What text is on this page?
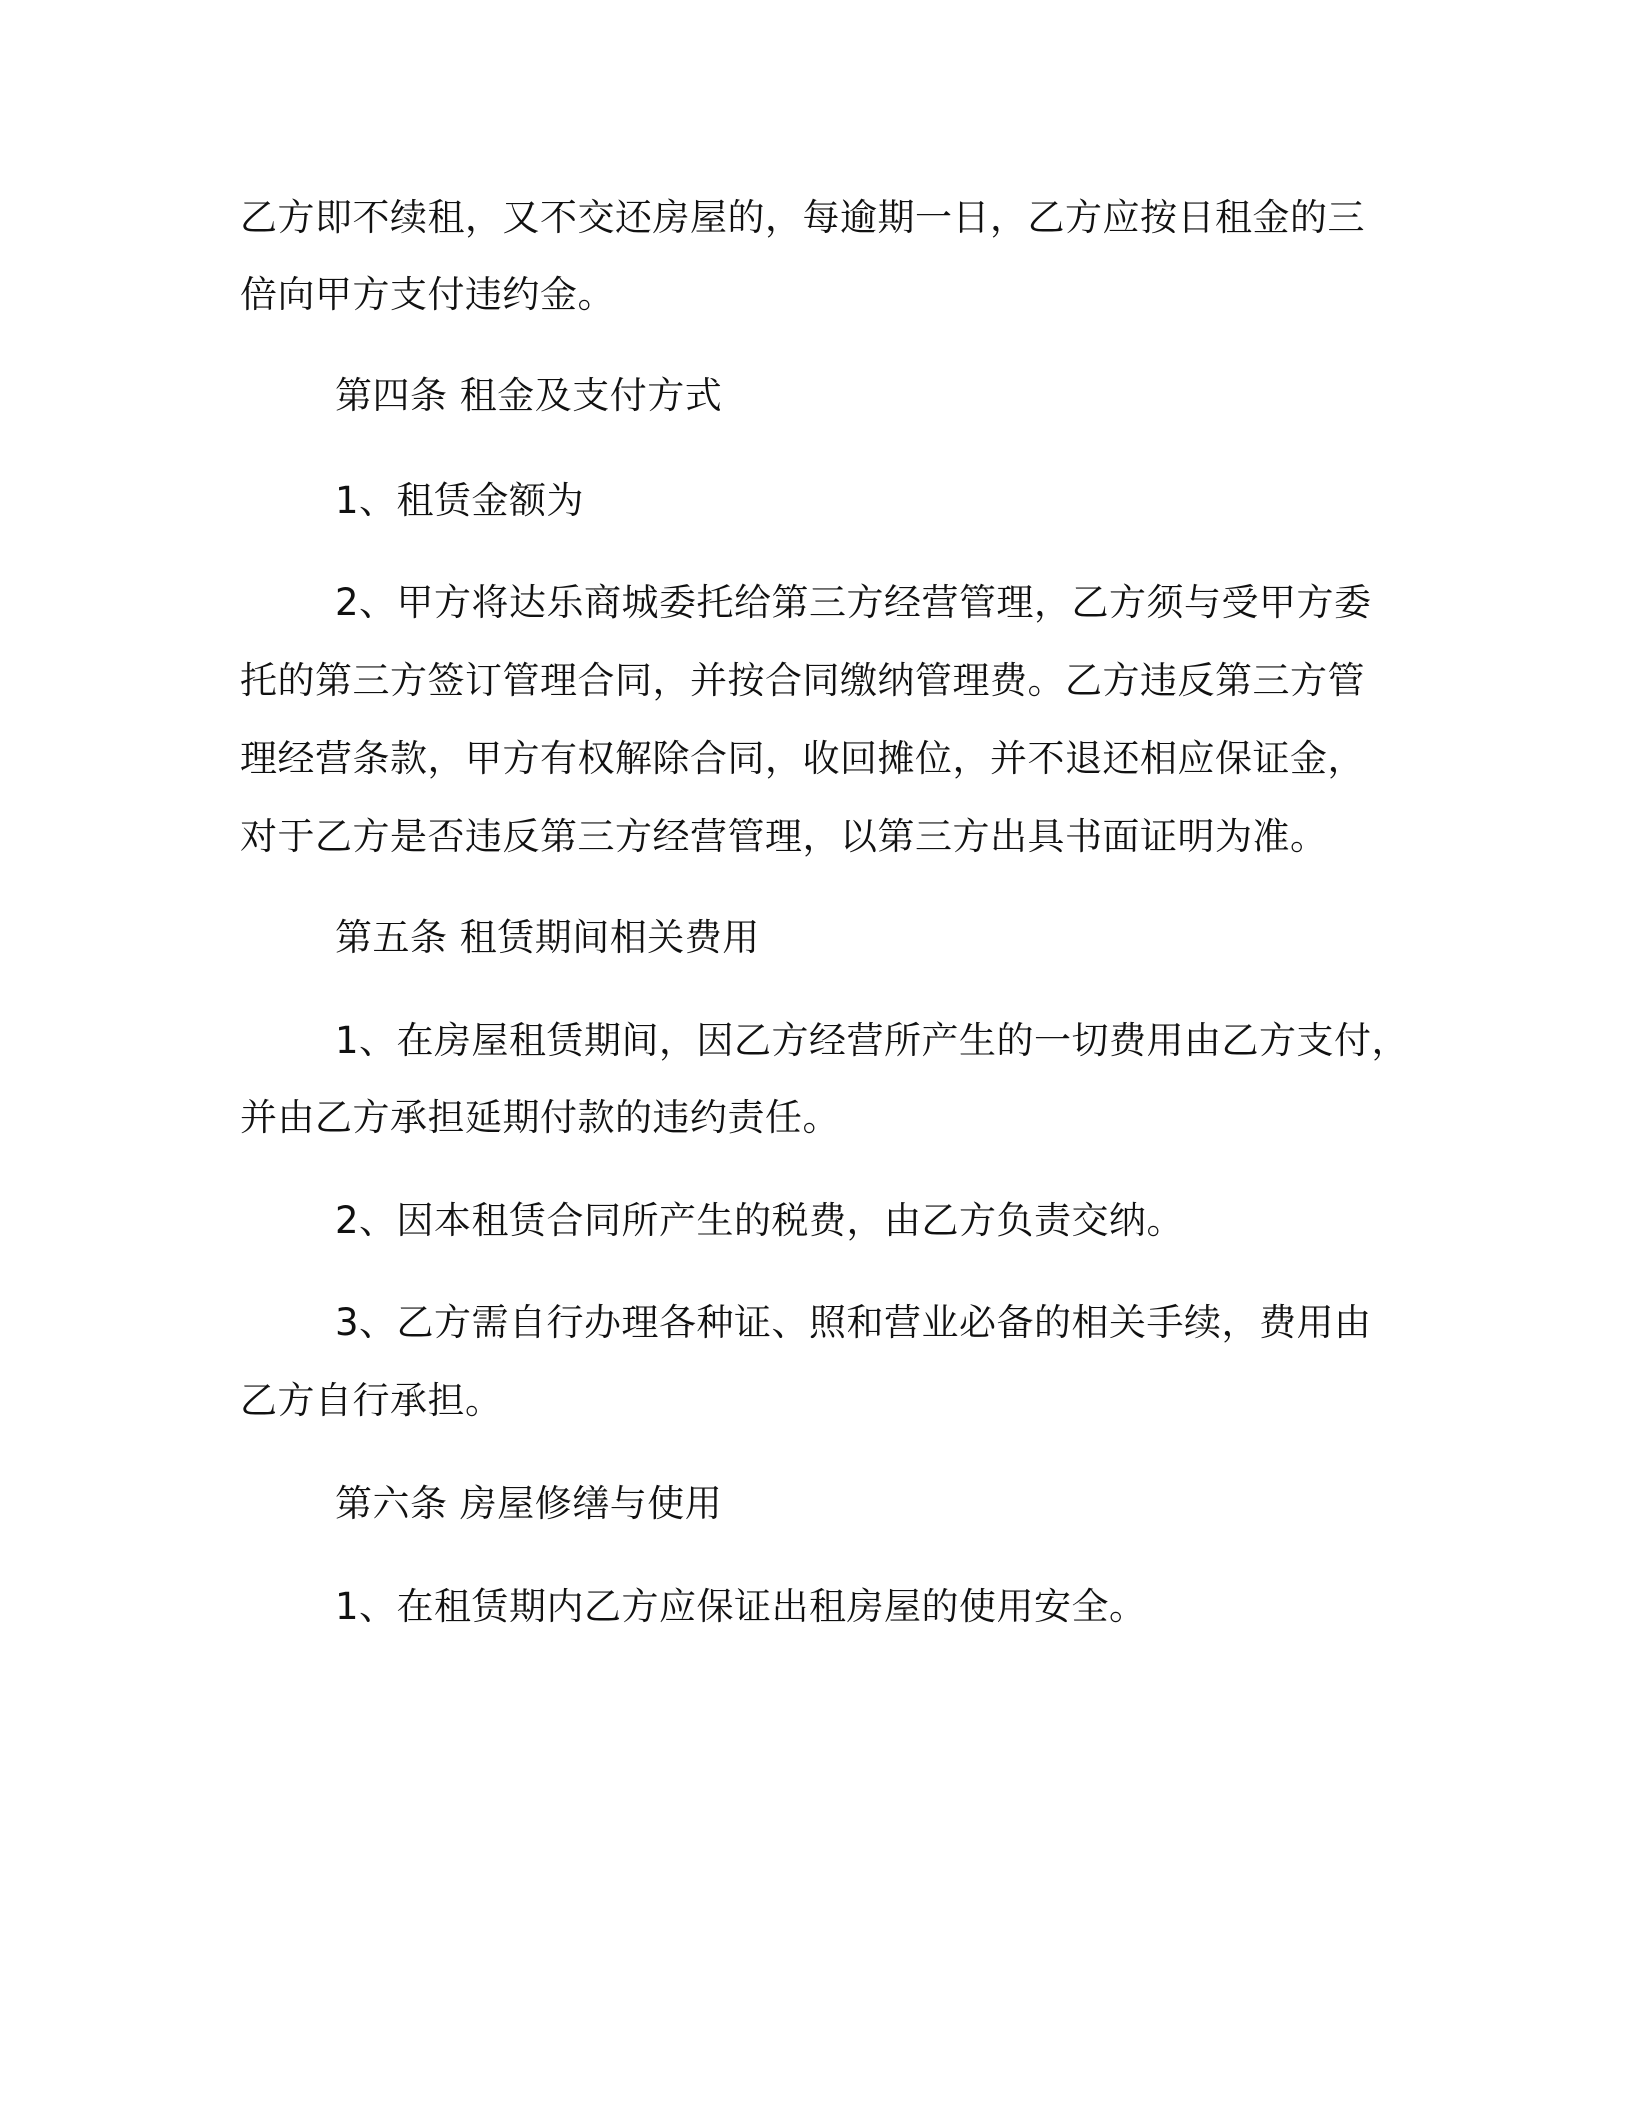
乙方即不续租，又不交还房屋的，每逾期一日，乙方应按日租金的三
倍向甲方支付违约金。
第四条 租金及支付方式
1、租赁金额为
2、甲方将达乐商城委托给第三方经营管理，乙方须与受甲方委
托的第三方签订管理合同，并按合同缴纳管理费。乙方违反第三方管
理经营条款，甲方有权解除合同，收回摊位，并不退还相应保证金，
对于乙方是否违反第三方经营管理，以第三方出具书面证明为准。
第五条 租赁期间相关费用
1、在房屋租赁期间，因乙方经营所产生的一切费用由乙方支付，
并由乙方承担延期付款的违约责任。
2、因本租赁合同所产生的税费，由乙方负责交纳。
3、乙方需自行办理各种证、照和营业必备的相关手续，费用由
乙方自行承担。
第六条 房屋修缮与使用
1、在租赁期内乙方应保证出租房屋的使用安全。
